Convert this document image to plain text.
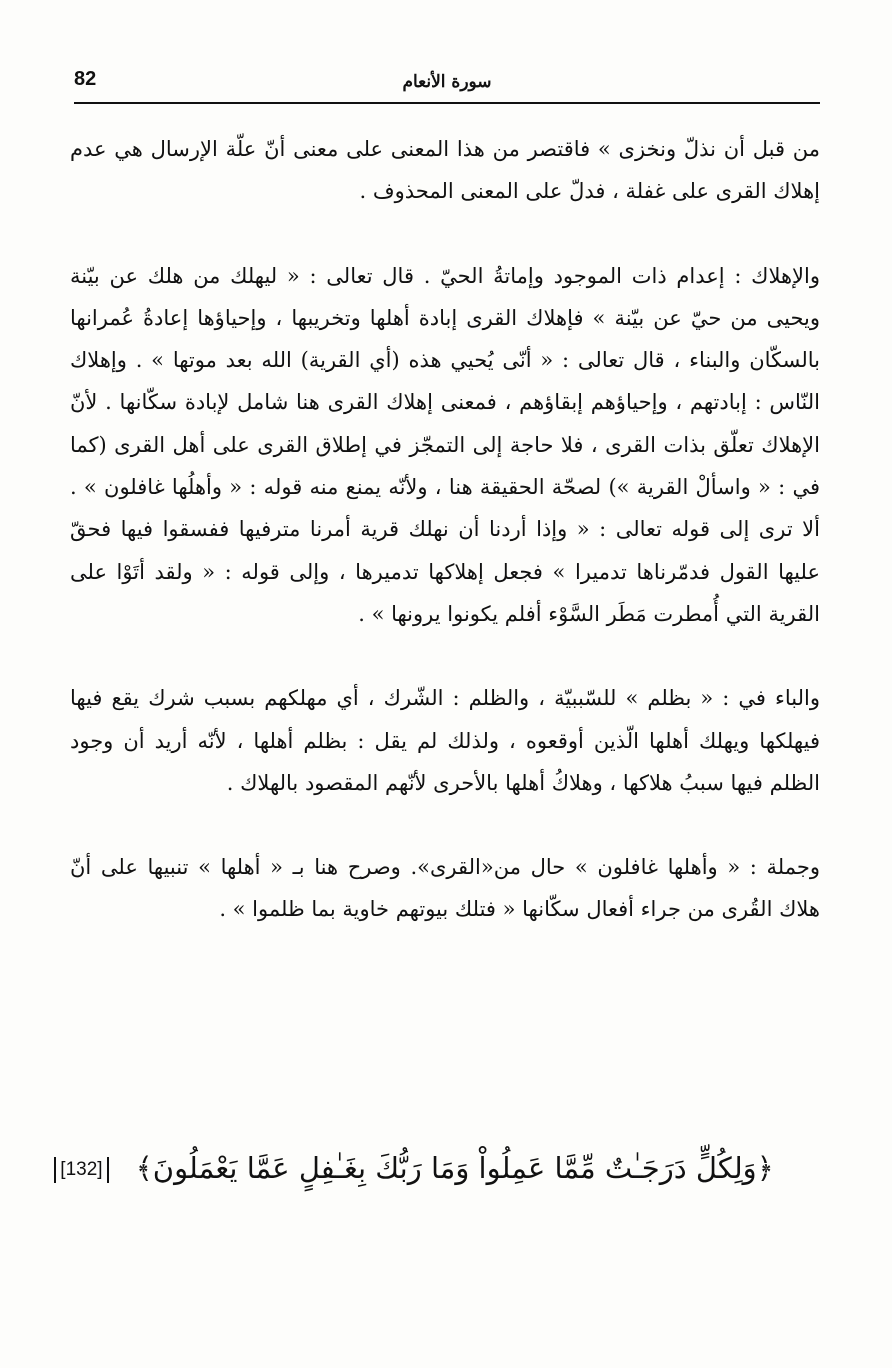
82	سورة الأنعام

من قبل أن نذلّ ونخزى » فاقتصر من هذا المعنى على معنى أنّ علّة الإرسال هي عدم إهلاك القرى على غفلة ، فدلّ على المعنى المحذوف .

والإهلاك : إعدام ذات الموجود وإماتةُ الحيّ . قال تعالى : « ليهلك من هلك عن بيّنة ويحيى من حيّ عن بيّنة » فإهلاك القرى إبادة أهلها وتخريبها ، وإحياؤها إعادةُ عُمرانها بالسكّان والبناء ، قال تعالى : « أنّى يُحيي هذه (أي القرية) الله بعد موتها » . وإهلاك النّاس : إبادتهم ، وإحياؤهم إبقاؤهم ، فمعنى إهلاك القرى هنا شامل لإبادة سكّانها . لأنّ الإهلاك تعلّق بذات القرى ، فلا حاجة إلى التمجّز في إطلاق القرى على أهل القرى (كما في : « واسألْ القرية ») لصحّة الحقيقة هنا ، ولأنّه يمنع منه قوله : « وأهلُها غافلون » . ألا ترى إلى قوله تعالى : « وإذا أردنا أن نهلك قرية أمرنا مترفيها ففسقوا فيها فحقّ عليها القول فدمّرناها تدميرا » فجعل إهلاكها تدميرها ، وإلى قوله : « ولقد أتَوْا على القرية التي أُمطرت مَطَر السَّوْء أفلم يكونوا يرونها » .

والباء في : « بظلم » للسّببيّة ، والظلم : الشّرك ، أي مهلكهم بسبب شرك يقع فيها فيهلكها ويهلك أهلها الّذين أوقعوه ، ولذلك لم يقل : بظلم أهلها ، لأنّه أريد أن وجود الظلم فيها سببُ هلاكها ، وهلاكُ أهلها بالأحرى لأنّهم المقصود بالهلاك .

وجملة : « وأهلها غافلون » حال من«القرى». وصرح هنا بـ « أهلها » تنبيها على أنّ هلاك القُرى من جراء أفعال سكّانها « فتلك بيوتهم خاوية بما ظلموا » .

﴿وَلِكُلٍّ دَرَجَـٰتٌ مِّمَّا عَمِلُواْ وَمَا رَبُّكَ بِغَـٰفِلٍ عَمَّا يَعْمَلُونَ﴾ [132]
